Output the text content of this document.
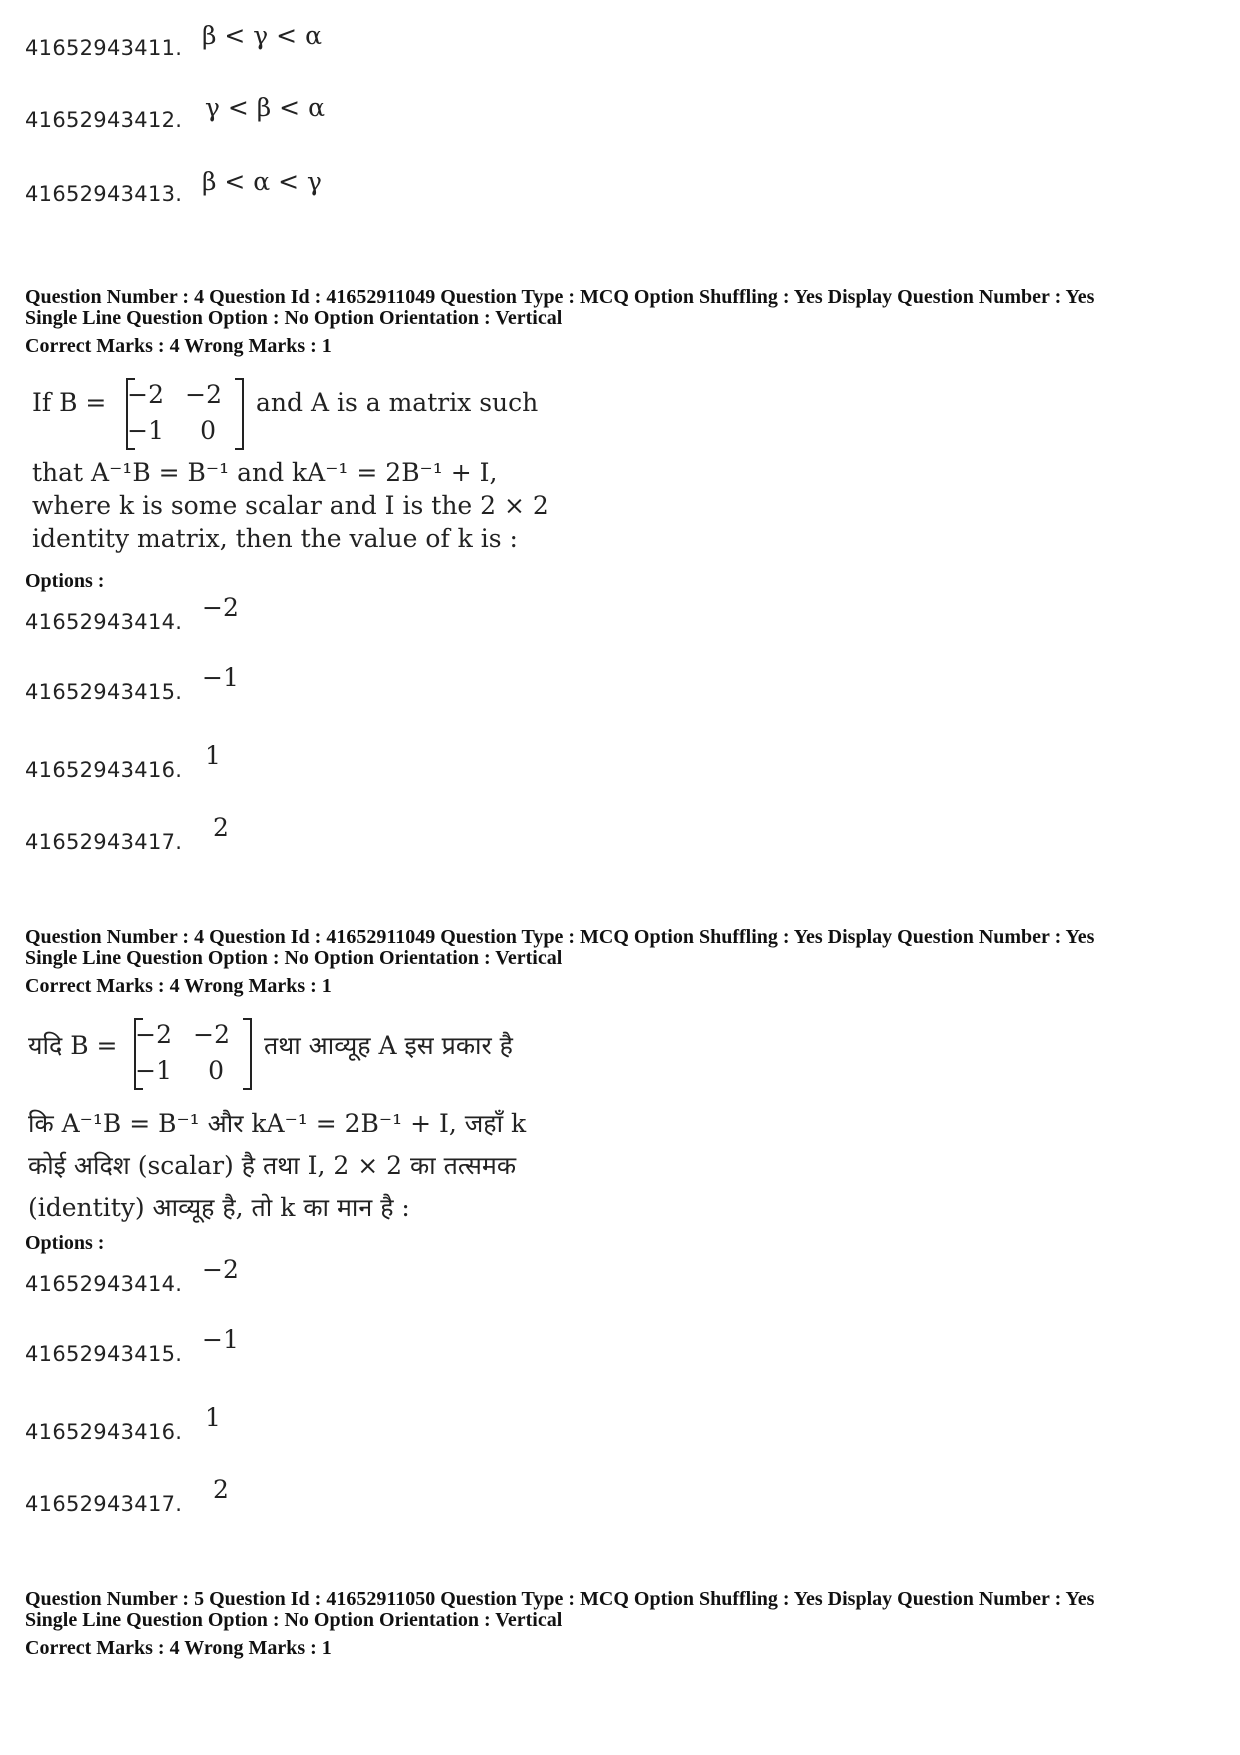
41652943411. β < γ < α
41652943412. γ < β < α
41652943413. β < α < γ
Question Number : 4 Question Id : 41652911049 Question Type : MCQ Option Shuffling : Yes Display Question Number : Yes
Single Line Question Option : No Option Orientation : Vertical
Correct Marks : 4 Wrong Marks : 1
If B = −2 −2
−1	0
and A is a matrix such
that A⁻¹B = B⁻¹ and kA⁻¹ = 2B⁻¹ + I,
where k is some scalar and I is the 2 × 2
identity matrix, then the value of k is :
Options :
41652943414. −2
41652943415. −1
41652943416. 1
41652943417. 2
Question Number : 4 Question Id : 41652911049 Question Type : MCQ Option Shuffling : Yes Display Question Number : Yes
Single Line Question Option : No Option Orientation : Vertical
Correct Marks : 4 Wrong Marks : 1
यदि B = −2 −2
−1	0
तथा आव्यूह A इस प्रकार है
कि A⁻¹B = B⁻¹ और kA⁻¹ = 2B⁻¹ + I, जहाँ k
कोई अदिश (scalar) है तथा I, 2 × 2 का तत्समक
(identity) आव्यूह है, तो k का मान है :
Options :
41652943414. −2
41652943415. −1
41652943416. 1
41652943417. 2
Question Number : 5 Question Id : 41652911050 Question Type : MCQ Option Shuffling : Yes Display Question Number : Yes
Single Line Question Option : No Option Orientation : Vertical
Correct Marks : 4 Wrong Marks : 1
